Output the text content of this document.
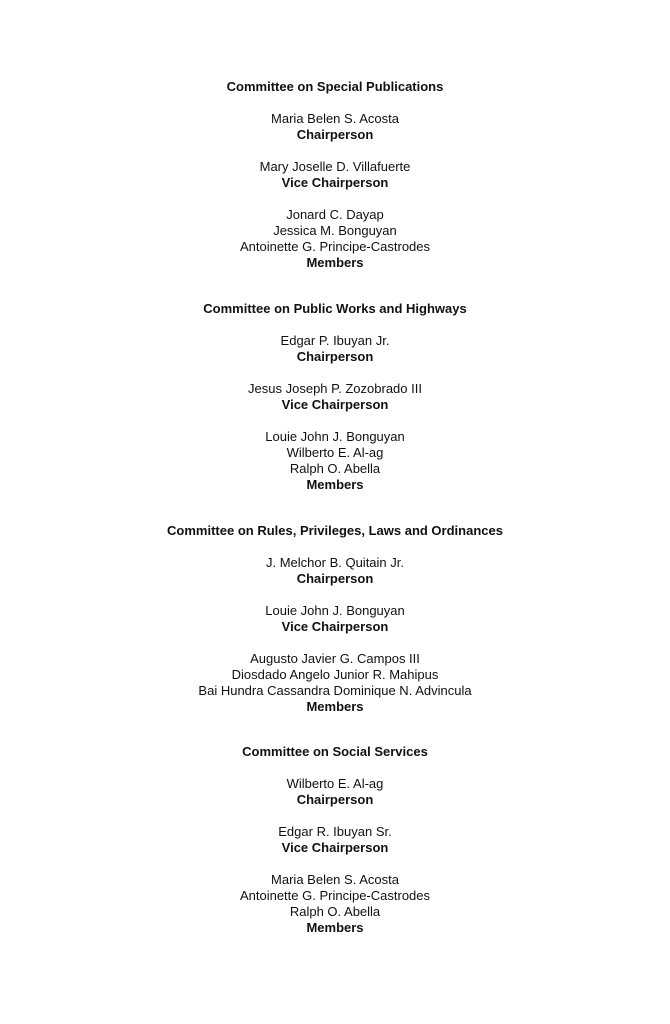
Committee on Special Publications
Maria Belen S. Acosta
Chairperson
Mary Joselle D. Villafuerte
Vice Chairperson
Jonard C. Dayap
Jessica M. Bonguyan
Antoinette G. Principe-Castrodes
Members
Committee on Public Works and Highways
Edgar P. Ibuyan Jr.
Chairperson
Jesus Joseph P. Zozobrado III
Vice Chairperson
Louie John J. Bonguyan
Wilberto E. Al-ag
Ralph O. Abella
Members
Committee on Rules, Privileges, Laws and Ordinances
J. Melchor B. Quitain Jr.
Chairperson
Louie John J. Bonguyan
Vice Chairperson
Augusto Javier G. Campos III
Diosdado Angelo Junior R. Mahipus
Bai Hundra Cassandra Dominique N. Advincula
Members
Committee on Social Services
Wilberto E. Al-ag
Chairperson
Edgar R. Ibuyan Sr.
Vice Chairperson
Maria Belen S. Acosta
Antoinette G. Principe-Castrodes
Ralph O. Abella
Members
